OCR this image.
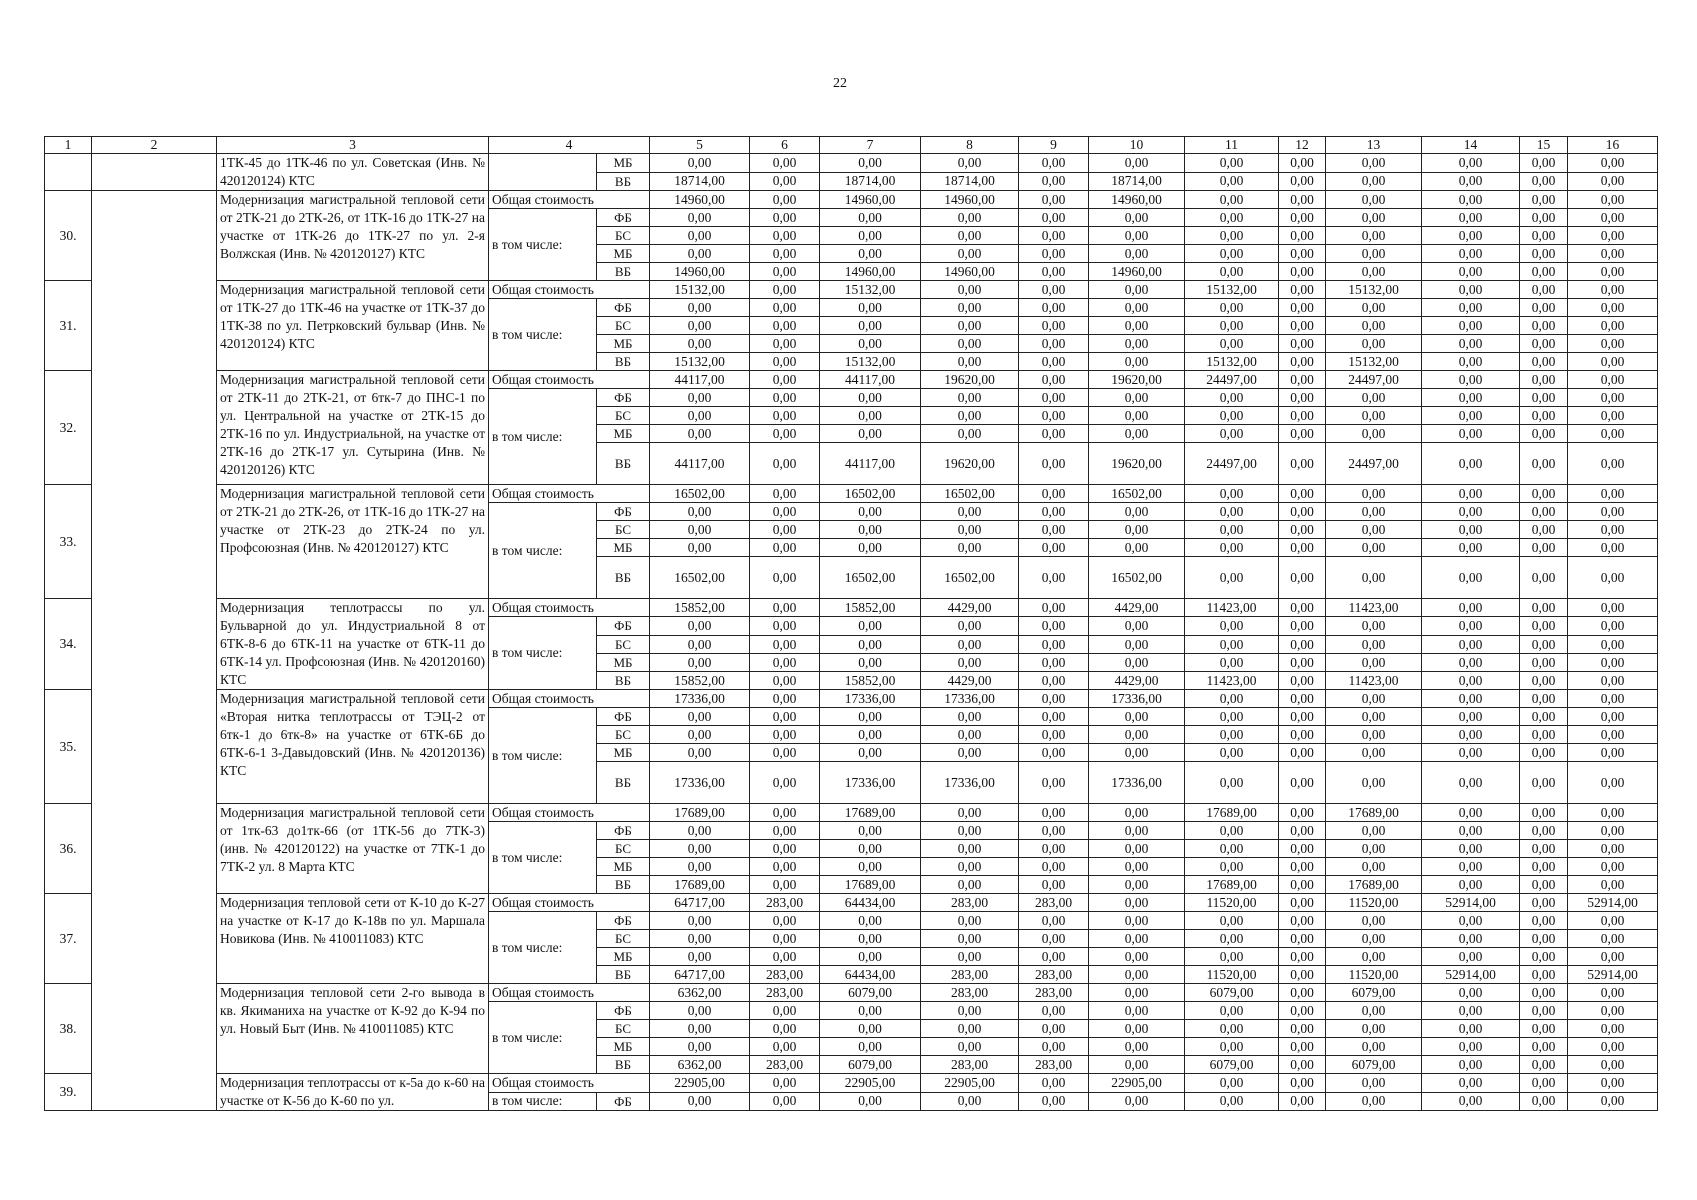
22
1	2	3	4		5	6	7	8	9	10	11	12	13	14	15	16
		1ТК-45 до 1ТК-46 по ул. Советская (Инв. № 420120124) КТС		МБ	0,00	0,00	0,00	0,00	0,00	0,00	0,00	0,00	0,00	0,00	0,00	0,00
				ВБ	18714,00	0,00	18714,00	18714,00	0,00	18714,00	0,00	0,00	0,00	0,00	0,00	0,00
30.		Модернизация магистральной тепловой сети от 2ТК-21 до 2ТК-26, от 1ТК-16 до 1ТК-27 на участке от 1ТК-26 до 1ТК-27 по ул. 2-я Волжская (Инв. № 420120127) КТС	Общая стоимость		14960,00	0,00	14960,00	14960,00	0,00	14960,00	0,00	0,00	0,00	0,00	0,00	0,00
			в том числе:	ФБ	0,00	0,00	0,00	0,00	0,00	0,00	0,00	0,00	0,00	0,00	0,00	0,00
				БС	0,00	0,00	0,00	0,00	0,00	0,00	0,00	0,00	0,00	0,00	0,00	0,00
				МБ	0,00	0,00	0,00	0,00	0,00	0,00	0,00	0,00	0,00	0,00	0,00	0,00
				ВБ	14960,00	0,00	14960,00	14960,00	0,00	14960,00	0,00	0,00	0,00	0,00	0,00	0,00
31.		Модернизация магистральной тепловой сети от 1ТК-27 до 1ТК-46 на участке от 1ТК-37 до 1ТК-38 по ул. Петрковский бульвар (Инв. № 420120124) КТС	Общая стоимость		15132,00	0,00	15132,00	0,00	0,00	0,00	15132,00	0,00	15132,00	0,00	0,00	0,00
			в том числе:	ФБ	0,00	0,00	0,00	0,00	0,00	0,00	0,00	0,00	0,00	0,00	0,00	0,00
				БС	0,00	0,00	0,00	0,00	0,00	0,00	0,00	0,00	0,00	0,00	0,00	0,00
				МБ	0,00	0,00	0,00	0,00	0,00	0,00	0,00	0,00	0,00	0,00	0,00	0,00
				ВБ	15132,00	0,00	15132,00	0,00	0,00	0,00	15132,00	0,00	15132,00	0,00	0,00	0,00
32.		Модернизация магистральной тепловой сети от 2ТК-11 до 2ТК-21, от 6тк-7 до ПНС-1 по ул. Центральной на участке от 2ТК-15 до 2ТК-16 по ул. Индустриальной, на участке от 2ТК-16 до 2ТК-17 ул. Сутырина (Инв. № 420120126) КТС	Общая стоимость		44117,00	0,00	44117,00	19620,00	0,00	19620,00	24497,00	0,00	24497,00	0,00	0,00	0,00
			в том числе:	ФБ	0,00	0,00	0,00	0,00	0,00	0,00	0,00	0,00	0,00	0,00	0,00	0,00
				БС	0,00	0,00	0,00	0,00	0,00	0,00	0,00	0,00	0,00	0,00	0,00	0,00
				МБ	0,00	0,00	0,00	0,00	0,00	0,00	0,00	0,00	0,00	0,00	0,00	0,00
				ВБ	44117,00	0,00	44117,00	19620,00	0,00	19620,00	24497,00	0,00	24497,00	0,00	0,00	0,00
33.		Модернизация магистральной тепловой сети от 2ТК-21 до 2ТК-26, от 1ТК-16 до 1ТК-27 на участке от 2ТК-23 до 2ТК-24 по ул. Профсоюзная (Инв. № 420120127) КТС	Общая стоимость		16502,00	0,00	16502,00	16502,00	0,00	16502,00	0,00	0,00	0,00	0,00	0,00	0,00
			в том числе:	ФБ	0,00	0,00	0,00	0,00	0,00	0,00	0,00	0,00	0,00	0,00	0,00	0,00
				БС	0,00	0,00	0,00	0,00	0,00	0,00	0,00	0,00	0,00	0,00	0,00	0,00
				МБ	0,00	0,00	0,00	0,00	0,00	0,00	0,00	0,00	0,00	0,00	0,00	0,00
				ВБ	16502,00	0,00	16502,00	16502,00	0,00	16502,00	0,00	0,00	0,00	0,00	0,00	0,00
34.		Модернизация теплотрассы по ул. Бульварной до ул. Индустриальной 8 от 6ТК-8-6 до 6ТК-11 на участке от 6ТК-11 до 6ТК-14 ул. Профсоюзная (Инв. № 420120160) КТС	Общая стоимость		15852,00	0,00	15852,00	4429,00	0,00	4429,00	11423,00	0,00	11423,00	0,00	0,00	0,00
			в том числе:	ФБ	0,00	0,00	0,00	0,00	0,00	0,00	0,00	0,00	0,00	0,00	0,00	0,00
				БС	0,00	0,00	0,00	0,00	0,00	0,00	0,00	0,00	0,00	0,00	0,00	0,00
				МБ	0,00	0,00	0,00	0,00	0,00	0,00	0,00	0,00	0,00	0,00	0,00	0,00
				ВБ	15852,00	0,00	15852,00	4429,00	0,00	4429,00	11423,00	0,00	11423,00	0,00	0,00	0,00
35.		Модернизация магистральной тепловой сети «Вторая нитка теплотрассы от ТЭЦ-2 от 6тк-1 до 6тк-8» на участке от 6ТК-6Б до 6ТК-6-1 3-Давыдовский (Инв. № 420120136) КТС	Общая стоимость		17336,00	0,00	17336,00	17336,00	0,00	17336,00	0,00	0,00	0,00	0,00	0,00	0,00
			в том числе:	ФБ	0,00	0,00	0,00	0,00	0,00	0,00	0,00	0,00	0,00	0,00	0,00	0,00
				БС	0,00	0,00	0,00	0,00	0,00	0,00	0,00	0,00	0,00	0,00	0,00	0,00
				МБ	0,00	0,00	0,00	0,00	0,00	0,00	0,00	0,00	0,00	0,00	0,00	0,00
				ВБ	17336,00	0,00	17336,00	17336,00	0,00	17336,00	0,00	0,00	0,00	0,00	0,00	0,00
36.		Модернизация магистральной тепловой сети от 1тк-63 до1тк-66 (от 1ТК-56 до 7ТК-3) (инв. № 420120122) на участке от 7ТК-1 до 7ТК-2 ул. 8 Марта КТС	Общая стоимость		17689,00	0,00	17689,00	0,00	0,00	0,00	17689,00	0,00	17689,00	0,00	0,00	0,00
			в том числе:	ФБ	0,00	0,00	0,00	0,00	0,00	0,00	0,00	0,00	0,00	0,00	0,00	0,00
				БС	0,00	0,00	0,00	0,00	0,00	0,00	0,00	0,00	0,00	0,00	0,00	0,00
				МБ	0,00	0,00	0,00	0,00	0,00	0,00	0,00	0,00	0,00	0,00	0,00	0,00
				ВБ	17689,00	0,00	17689,00	0,00	0,00	0,00	17689,00	0,00	17689,00	0,00	0,00	0,00
37.		Модернизация тепловой сети от К-10 до К-27 на участке от К-17 до К-18в по ул. Маршала Новикова (Инв. № 410011083) КТС	Общая стоимость		64717,00	283,00	64434,00	283,00	283,00	0,00	11520,00	0,00	11520,00	52914,00	0,00	52914,00
			в том числе:	ФБ	0,00	0,00	0,00	0,00	0,00	0,00	0,00	0,00	0,00	0,00	0,00	0,00
				БС	0,00	0,00	0,00	0,00	0,00	0,00	0,00	0,00	0,00	0,00	0,00	0,00
				МБ	0,00	0,00	0,00	0,00	0,00	0,00	0,00	0,00	0,00	0,00	0,00	0,00
				ВБ	64717,00	283,00	64434,00	283,00	283,00	0,00	11520,00	0,00	11520,00	52914,00	0,00	52914,00
38.		Модернизация тепловой сети 2-го вывода в кв. Якиманиха на участке от К-92 до К-94 по ул. Новый Быт (Инв. № 410011085) КТС	Общая стоимость		6362,00	283,00	6079,00	283,00	283,00	0,00	6079,00	0,00	6079,00	0,00	0,00	0,00
			в том числе:	ФБ	0,00	0,00	0,00	0,00	0,00	0,00	0,00	0,00	0,00	0,00	0,00	0,00
				БС	0,00	0,00	0,00	0,00	0,00	0,00	0,00	0,00	0,00	0,00	0,00	0,00
				МБ	0,00	0,00	0,00	0,00	0,00	0,00	0,00	0,00	0,00	0,00	0,00	0,00
				ВБ	6362,00	283,00	6079,00	283,00	283,00	0,00	6079,00	0,00	6079,00	0,00	0,00	0,00
39.		Модернизация теплотрассы от к-5а до к-60 на участке от К-56 до К-60 по ул.	Общая стоимость		22905,00	0,00	22905,00	22905,00	0,00	22905,00	0,00	0,00	0,00	0,00	0,00	0,00
			в том числе:	ФБ	0,00	0,00	0,00	0,00	0,00	0,00	0,00	0,00	0,00	0,00	0,00	0,00
